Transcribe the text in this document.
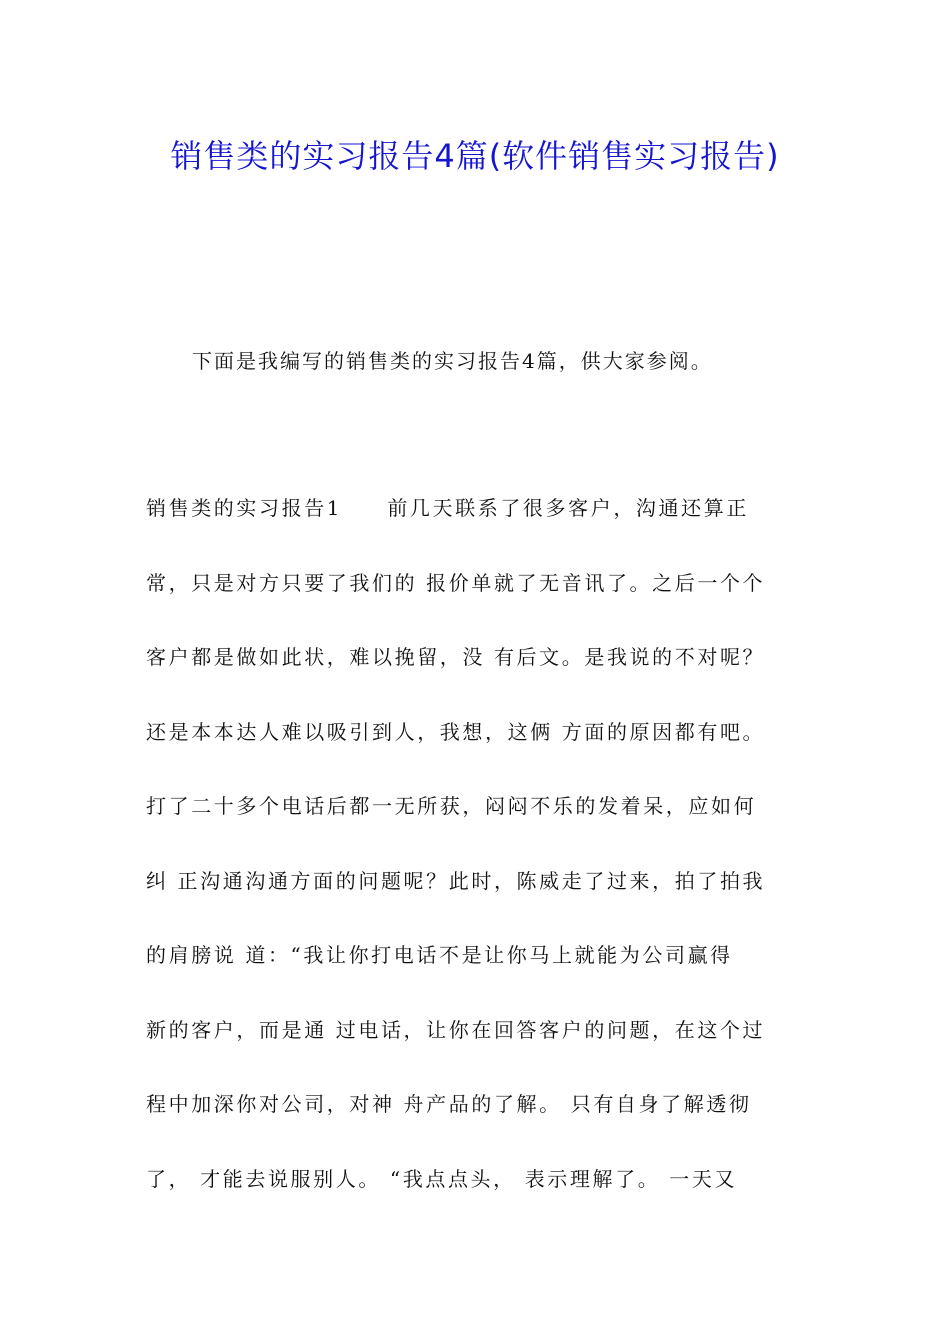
销售类的实习报告4篇(软件销售实习报告)

下面是我编写的销售类的实习报告4篇，供大家参阅。

销售类的实习报告1　　前几天联系了很多客户，沟通还算正
常，只是对方只要了我们的 报价单就了无音讯了。之后一个个
客户都是做如此状，难以挽留，没 有后文。是我说的不对呢？
还是本本达人难以吸引到人，我想，这俩 方面的原因都有吧。
打了二十多个电话后都一无所获，闷闷不乐的发着呆，应如何
纠 正沟通沟通方面的问题呢？此时，陈威走了过来，拍了拍我
的肩膀说 道：“我让你打电话不是让你马上就能为公司赢得
新的客户，而是通 过电话，让你在回答客户的问题，在这个过
程中加深你对公司，对神 舟产品的了解。 只有自身了解透彻
了， 才能去说服别人。 “我点点头， 表示理解了。 一天又
